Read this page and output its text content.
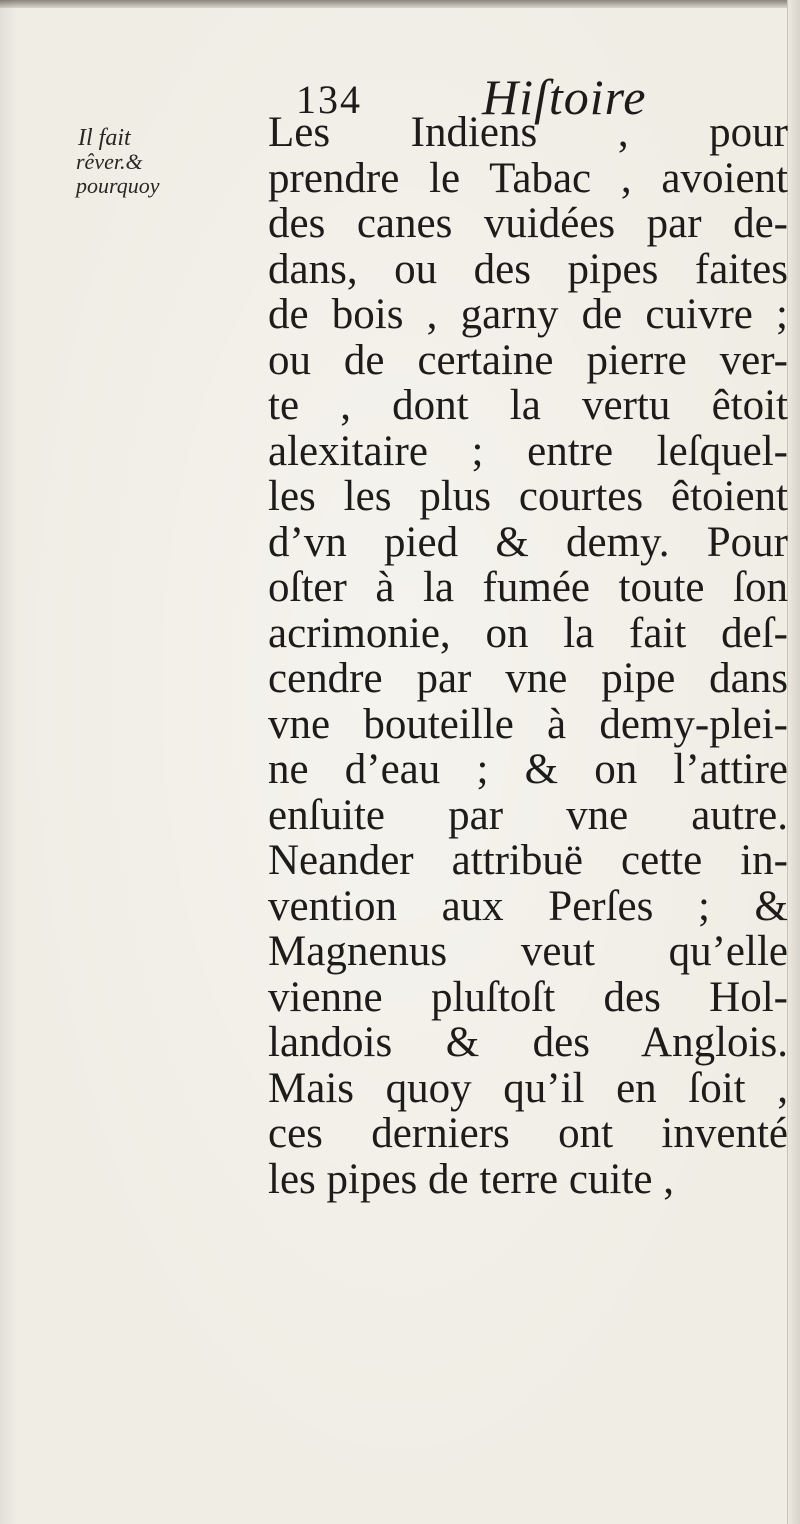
134 Hiſtoire
Il fait
rêver.&
pourquoy
Les Indiens , pour
prendre le Tabac , avoient
des canes vuidées par de-
dans, ou des pipes faites
de bois , garny de cuivre ;
ou de certaine pierre ver-
te , dont la vertu êtoit
alexitaire ; entre leſquel-
les les plus courtes êtoient
d’vn pied & demy. Pour
oſter à la fumée toute ſon
acrimonie, on la fait deſ-
cendre par vne pipe dans
vne bouteille à demy-plei-
ne d’eau ; & on l’attire
enſuite par vne autre.
Neander attribuë cette in-
vention aux Perſes ; &
Magnenus veut qu’elle
vienne pluſtoſt des Hol-
landois & des Anglois.
Mais quoy qu’il en ſoit ,
ces derniers ont inventé
les pipes de terre cuite ,
